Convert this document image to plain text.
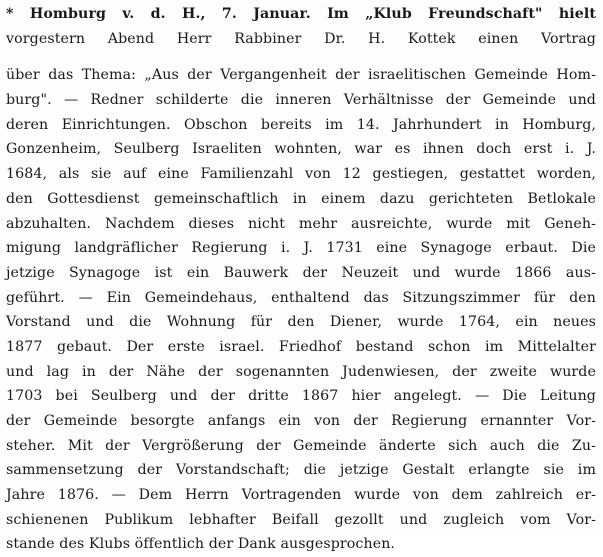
* Homburg v. d. H., 7. Januar. Im „Klub Freundschaft" hielt
vorgestern Abend Herr Rabbiner Dr. H. Kottek einen Vortrag
über das Thema: „Aus der Vergangenheit der israelitischen Gemeinde Hom-
burg". — Redner schilderte die inneren Verhältnisse der Gemeinde und
deren Einrichtungen. Obschon bereits im 14. Jahrhundert in Homburg,
Gonzenheim, Seulberg Israeliten wohnten, war es ihnen doch erst i. J.
1684, als sie auf eine Familienzahl von 12 gestiegen, gestattet worden,
den Gottesdienst gemeinschaftlich in einem dazu gerichteten Betlokale
abzuhalten. Nachdem dieses nicht mehr ausreichte, wurde mit Geneh-
migung landgräflicher Regierung i. J. 1731 eine Synagoge erbaut. Die
jetzige Synagoge ist ein Bauwerk der Neuzeit und wurde 1866 aus-
geführt. — Ein Gemeindehaus, enthaltend das Sitzungszimmer für den
Vorstand und die Wohnung für den Diener, wurde 1764, ein neues
1877 gebaut. Der erste israel. Friedhof bestand schon im Mittelalter
und lag in der Nähe der sogenannten Judenwiesen, der zweite wurde
1703 bei Seulberg und der dritte 1867 hier angelegt. — Die Leitung
der Gemeinde besorgte anfangs ein von der Regierung ernannter Vor-
steher. Mit der Vergrößerung der Gemeinde änderte sich auch die Zu-
sammensetzung der Vorstandschaft; die jetzige Gestalt erlangte sie im
Jahre 1876. — Dem Herrn Vortragenden wurde von dem zahlreich er-
schienenen Publikum lebhafter Beifall gezollt und zugleich vom Vor-
stande des Klubs öffentlich der Dank ausgesprochen.
